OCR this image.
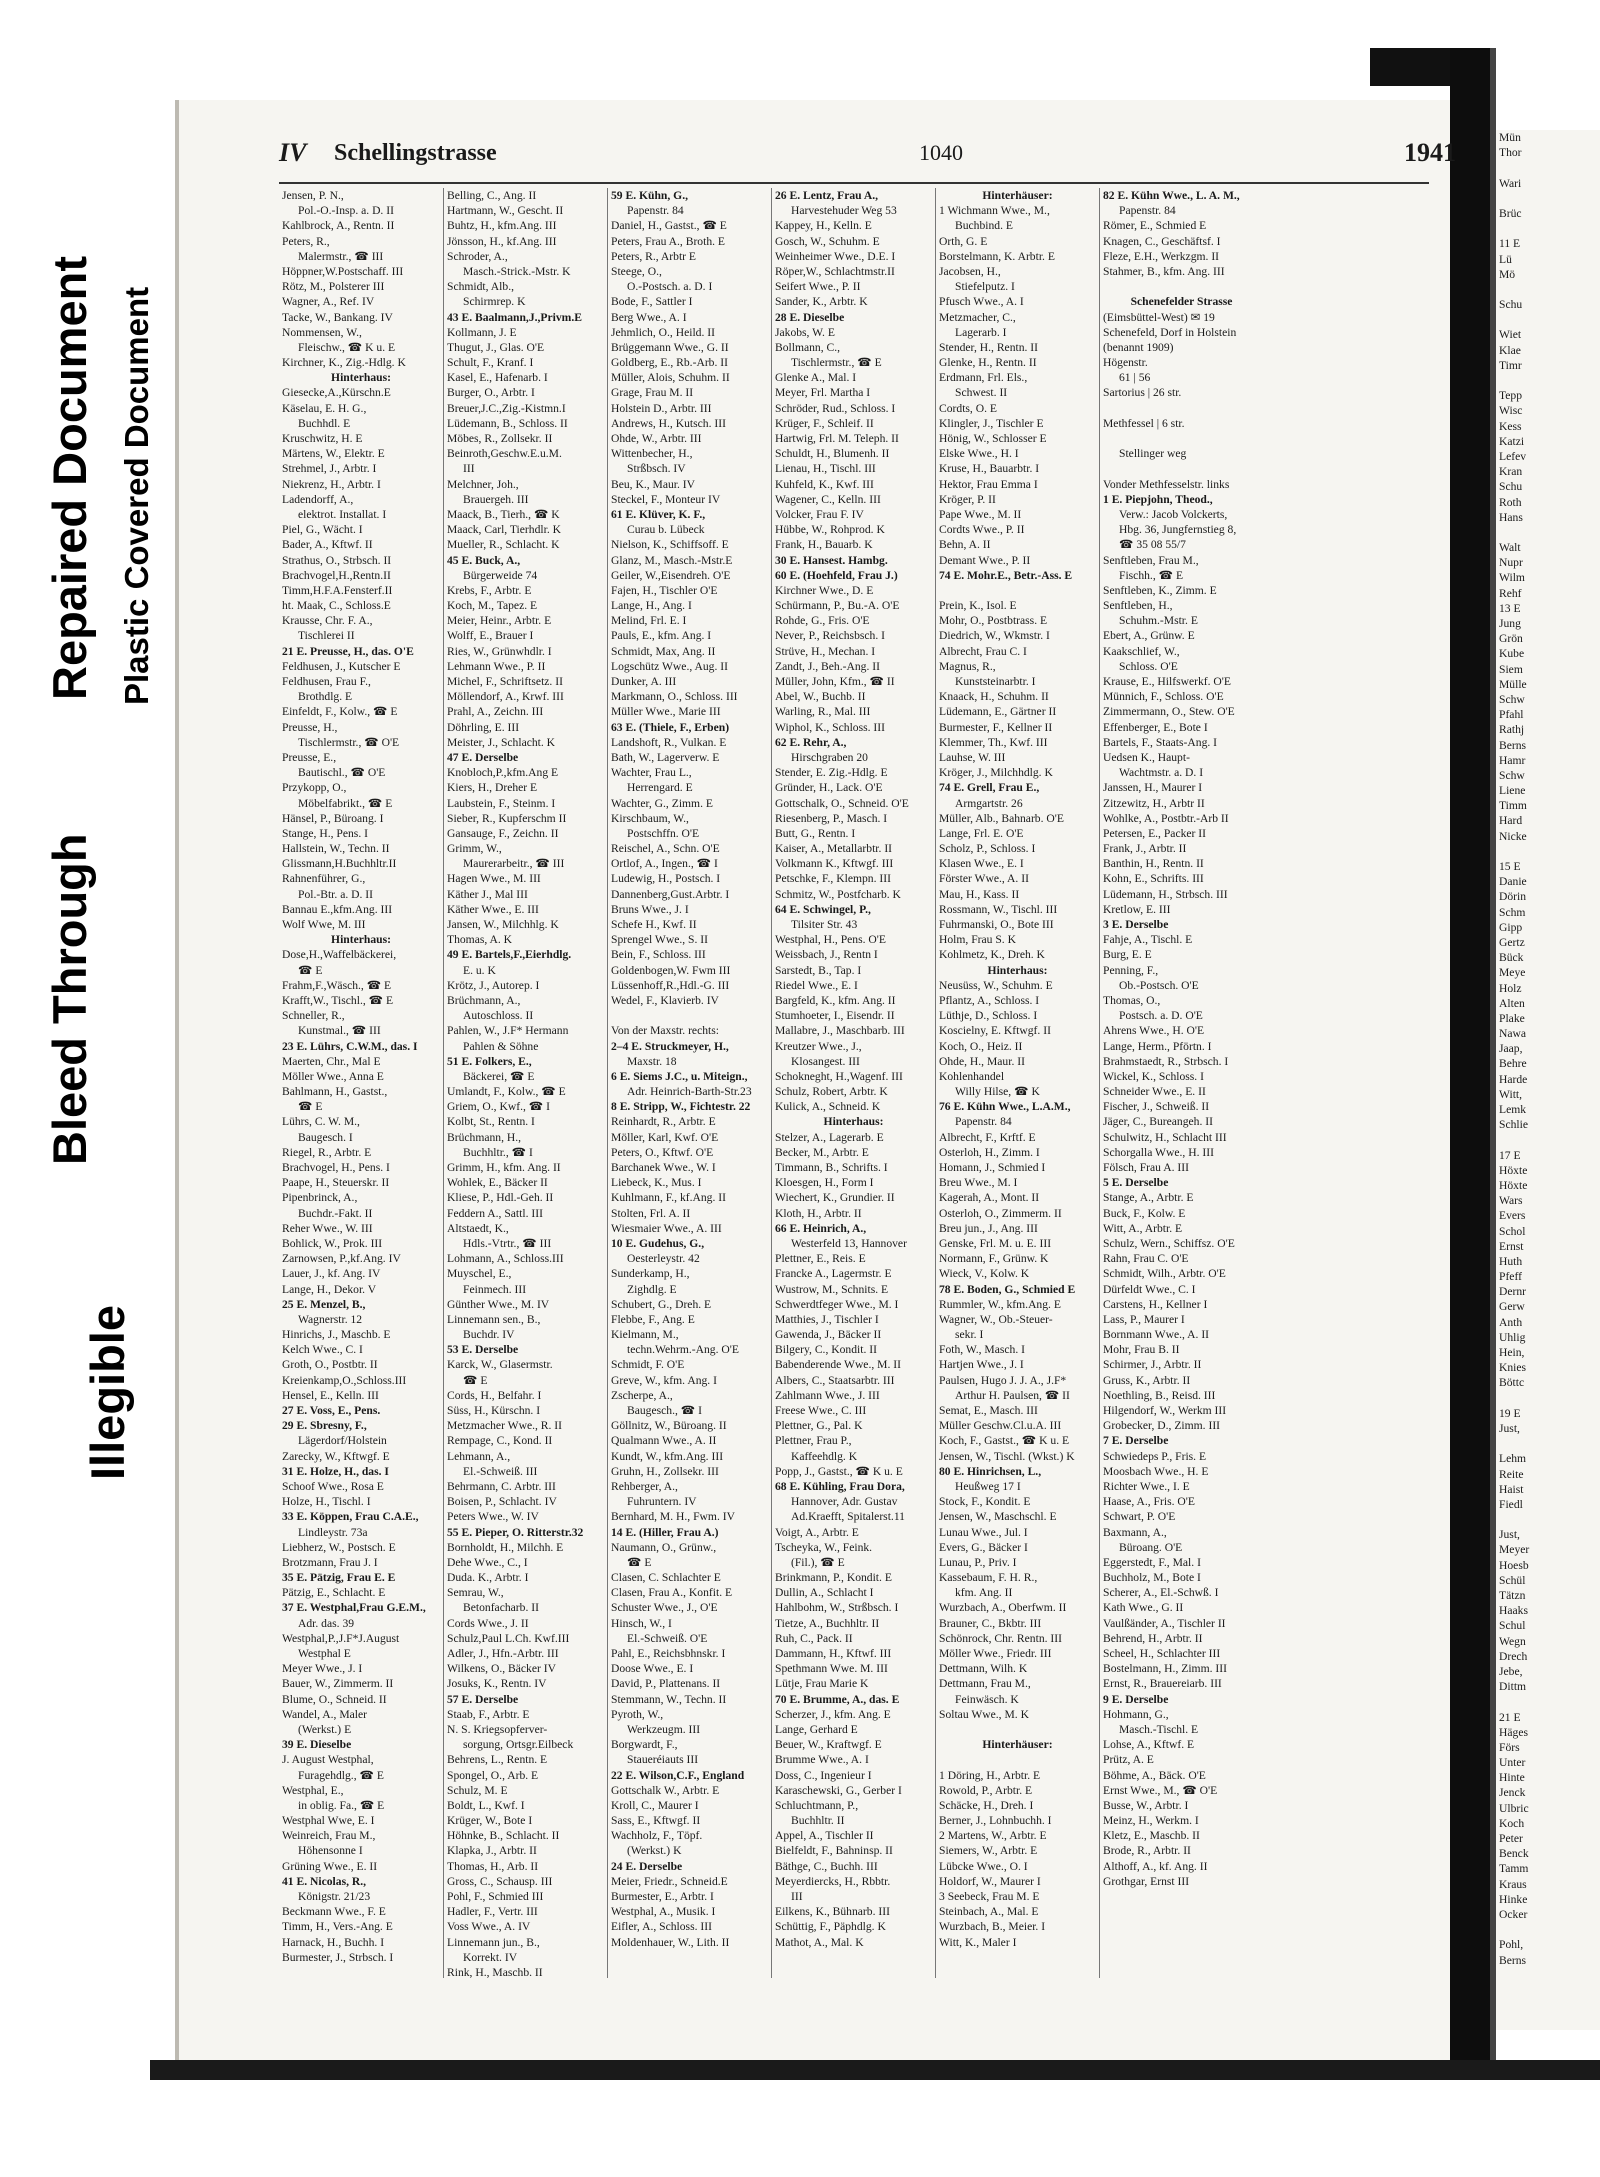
Repaired Document
Bleed Through
Plastic Covered Document
Illegible
IV Schellingstrasse	1040	1941
Jensen, P. N.,
Pol.-O.-Insp. a. D. II
Kahlbrock, A., Rentn. II
Peters, R.,
Malermstr., ☎ III
Höppner,W.Postschaff. III
Rötz, M., Polsterer III
Wagner, A., Ref. IV
Tacke, W., Bankang. IV
Nommensen, W.,
Fleischw., ☎ K u. E
Kirchner, K., Zig.-Hdlg. K
Hinterhaus:
Giesecke,A.,Kürschn.E
Käselau, E. H. G.,
Buchhdl. E
Kruschwitz, H. E
Märtens, W., Elektr. E
Strehmel, J., Arbtr. I
Niekrenz, H., Arbtr. I
Ladendorff, A.,
elektrot. Installat. I
Piel, G., Wächt. I
Bader, A., Kftwf. II
Strathus, O., Strbsch. II
Brachvogel,H.,Rentn.II
Timm,H.F.A.Fensterf.II
ht. Maak, C., Schloss.E
Krausse, Chr. F. A.,
Tischlerei II
21 E. Preusse, H., das. O'E
Feldhusen, J., Kutscher E
Feldhusen, Frau F.,
Brothdlg. E
Einfeldt, F., Kolw., ☎ E
Preusse, H.,
Tischlermstr., ☎ O'E
Preusse, E.,
Bautischl., ☎ O'E
Przykopp, O.,
Möbelfabrikt., ☎ E
Hänsel, P., Büroang. I
Stange, H., Pens. I
Hallstein, W., Techn. II
Glissmann,H.Buchhltr.II
Rahnenführer, G.,
Pol.-Btr. a. D. II
Bannau E.,kfm.Ang. III
Wolf Wwe, M. III
Hinterhaus:
Dose,H.,Waffelbäckerei,
☎ E
Frahm,F.,Wäsch., ☎ E
Krafft,W., Tischl., ☎ E
Schneller, R.,
Kunstmal., ☎ III
23 E. Lührs, C.W.M., das. I
Maerten, Chr., Mal E
Möller Wwe., Anna E
Bahlmann, H., Gastst.,
☎ E
Lührs, C. W. M.,
Baugesch. I
Riegel, R., Arbtr. E
Brachvogel, H., Pens. I
Paape, H., Steuerskr. II
Pipenbrinck, A.,
Buchdr.-Fakt. II
Reher Wwe., W. III
Bohlick, W., Prok. III
Zarnowsen, P.,kf.Ang. IV
Lauer, J., kf. Ang. IV
Lange, H., Dekor. V
25 E. Menzel, B.,
Wagnerstr. 12
Hinrichs, J., Maschb. E
Kelch Wwe., C. I
Groth, O., Postbtr. II
Kreienkamp,O.,Schloss.III
Hensel, E., Kelln. III
27 E. Voss, E., Pens.
29 E. Sbresny, F.,
Lägerdorf/Holstein
Zarecky, W., Kftwgf. E
31 E. Holze, H., das. I
Schoof Wwe., Rosa E
Holze, H., Tischl. I
33 E. Köppen, Frau C.A.E.,
Lindleystr. 73a
Liebherz, W., Postsch. E
Brotzmann, Frau J. I
35 E. Pätzig, Frau E. E
Pätzig, E., Schlacht. E
37 E. Westphal,Frau G.E.M.,
Adr. das. 39
Westphal,P.,J.F*J.August
Westphal E
Meyer Wwe., J. I
Bauer, W., Zimmerm. II
Blume, O., Schneid. II
Wandel, A., Maler
(Werkst.) E
39 E. Dieselbe
J. August Westphal,
Furagehdlg., ☎ E
Westphal, E.,
in oblig. Fa., ☎ E
Westphal Wwe, E. I
Weinreich, Frau M.,
Höhensonne I
Grüning Wwe., E. II
41 E. Nicolas, R.,
Königstr. 21/23
Beckmann Wwe., F. E
Timm, H., Vers.-Ang. E
Harnack, H., Buchh. I
Burmester, J., Strbsch. I
Belling, C., Ang. II
Hartmann, W., Gescht. II
Buhtz, H., kfm.Ang. III
Jönsson, H., kf.Ang. III
Schroder, A.,
Masch.-Strick.-Mstr. K
Schmidt, Alb.,
Schirmrep. K
43 E. Baalmann,J.,Privm.E
Kollmann, J. E
Thugut, J., Glas. O'E
Schult, F., Kranf. I
Kasel, E., Hafenarb. I
Burger, O., Arbtr. I
Breuer,J.C.,Zig.-Kistmn.I
Lüdemann, B., Schloss. II
Möbes, R., Zollsekr. II
Beinroth,Geschw.E.u.M.
III
Melchner, Joh.,
Brauergeh. III
Maack, B., Tierh., ☎ K
Maack, Carl, Tierhdlr. K
Mueller, R., Schlacht. K
45 E. Buck, A.,
Bürgerweide 74
Krebs, F., Arbtr. E
Koch, M., Tapez. E
Meier, Heinr., Arbtr. E
Wolff, E., Brauer I
Ries, W., Grünwhdlr. I
Lehmann Wwe., P. II
Michel, F., Schriftsetz. II
Möllendorf, A., Krwf. III
Prahl, A., Zeichn. III
Döhrling, E. III
Meister, J., Schlacht. K
47 E. Derselbe
Knobloch,P.,kfm.Ang E
Kiers, H., Dreher E
Laubstein, F., Steinm. I
Sieber, R., Kupferschm II
Gansauge, F., Zeichn. II
Grimm, W.,
Maurerarbeitr., ☎ III
Hagen Wwe., M. III
Käther J., Mal III
Käther Wwe., E. III
Jansen, W., Milchhlg. K
Thomas, A. K
49 E. Bartels,F.,Eierhdlg.
E. u. K
Krötz, J., Autorep. I
Brüchmann, A.,
Autoschloss. II
Pahlen, W., J.F* Hermann
Pahlen & Söhne
51 E. Folkers, E.,
Bäckerei, ☎ E
Umlandt, F., Kolw., ☎ E
Griem, O., Kwf., ☎ I
Kolbt, St., Rentn. I
Brüchmann, H.,
Buchhltr., ☎ I
Grimm, H., kfm. Ang. II
Wohlek, E., Bäcker II
Kliese, P., Hdl.-Geh. II
Feddern A., Sattl. III
Altstaedt, K.,
Hdls.-Vtrtr., ☎ III
Lohmann, A., Schloss.III
Muyschel, E.,
Feinmech. III
Günther Wwe., M. IV
Linnemann sen., B.,
Buchdr. IV
53 E. Derselbe
Karck, W., Glasermstr.
☎ E
Cords, H., Belfahr. I
Süss, H., Kürschn. I
Metzmacher Wwe., R. II
Rempage, C., Kond. II
Lehmann, A.,
El.-Schweiß. III
Behrmann, C. Arbtr. III
Boisen, P., Schlacht. IV
Peters Wwe., W. IV
55 E. Pieper, O. Ritterstr.32
Bornholdt, H., Milchh. E
Dehe Wwe., C., I
Duda. K., Arbtr. I
Semrau, W.,
Betonfacharb. II
Cords Wwe., J. II
Schulz,Paul L.Ch. Kwf.III
Adler, J., Hfn.-Arbtr. III
Wilkens, O., Bäcker IV
Josuks, K., Rentn. IV
57 E. Derselbe
Staab, F., Arbtr. E
N. S. Kriegsopferver-
sorgung, Ortsgr.Eilbeck
Behrens, L., Rentn. E
Spongel, O., Arb. E
Schulz, M. E
Boldt, L., Kwf. I
Krüger, W., Bote I
Höhnke, B., Schlacht. II
Klapka, J., Arbtr. II
Thomas, H., Arb. II
Gross, C., Schausp. III
Pohl, F., Schmied III
Hadler, F., Vertr. III
Voss Wwe., A. IV
Linnemann jun., B.,
Korrekt. IV
Rink, H., Maschb. II
59 E. Kühn, G.,
Papenstr. 84
Daniel, H., Gastst., ☎ E
Peters, Frau A., Broth. E
Peters, R., Arbtr E
Steege, O.,
O.-Postsch. a. D. I
Bode, F., Sattler I
Berg Wwe., A. I
Jehmlich, O., Heild. II
Brüggemann Wwe., G. II
Goldberg, E., Rb.-Arb. II
Müller, Alois, Schuhm. II
Grage, Frau M. II
Holstein D., Arbtr. III
Andrews, H., Kutsch. III
Ohde, W., Arbtr. III
Wittenbecher, H.,
Strßbsch. IV
Beu, K., Maur. IV
Steckel, F., Monteur IV
61 E. Klüver, K. F.,
Curau b. Lübeck
Nielson, K., Schiffsoff. E
Glanz, M., Masch.-Mstr.E
Geiler, W.,Eisendreh. O'E
Fajen, H., Tischler O'E
Lange, H., Ang. I
Melind, Frl. E. I
Pauls, E., kfm. Ang. I
Schmidt, Max, Ang. II
Logschütz Wwe., Aug. II
Dunker, A. III
Markmann, O., Schloss. III
Müller Wwe., Marie III
63 E. (Thiele, F., Erben)
Landshoft, R., Vulkan. E
Bath, W., Lagerverw. E
Wachter, Frau L.,
Herrengard. E
Wachter, G., Zimm. E
Kirschbaum, W.,
Postschffn. O'E
Reischel, A., Schn. O'E
Ortlof, A., Ingen., ☎ I
Ludewig, H., Postsch. I
Dannenberg,Gust.Arbtr. I
Bruns Wwe., J. I
Schefe H., Kwf. II
Sprengel Wwe., S. II
Bein, F., Schloss. III
Goldenbogen,W. Fwm III
Lüssenhoff,R.,Hdl.-G. III
Wedel, F., Klavierb. IV
Von der Maxstr. rechts:
2–4 E. Struckmeyer, H.,
Maxstr. 18
6 E. Siems J.C., u. Miteign.,
Adr. Heinrich-Barth-Str.23
8 E. Stripp, W., Fichtestr. 22
Reinhardt, R., Arbtr. E
Möller, Karl, Kwf. O'E
Peters, O., Kftwf. O'E
Barchanek Wwe., W. I
Liebeck, K., Mus. I
Kuhlmann, F., kf.Ang. II
Stolten, Frl. A. II
Wiesmaier Wwe., A. III
10 E. Gudehus, G.,
Oesterleystr. 42
Sunderkamp, H.,
Zighdlg. E
Schubert, G., Dreh. E
Flebbe, F., Ang. E
Kielmann, M.,
techn.Wehrm.-Ang. O'E
Schmidt, F. O'E
Greve, W., kfm. Ang. I
Zscherpe, A.,
Baugesch., ☎ I
Göllnitz, W., Büroang. II
Qualmann Wwe., A. II
Kundt, W., kfm.Ang. III
Gruhn, H., Zollsekr. III
Rehberger, A.,
Fuhruntern. IV
Bernhard, M. H., Fwm. IV
14 E. (Hiller, Frau A.)
Naumann, O., Grünw.,
☎ E
Clasen, C. Schlachter E
Clasen, Frau A., Konfit. E
Schuster Wwe., J., O'E
Hinsch, W., I
El.-Schweiß. O'E
Pahl, E., Reichsbhnskr. I
Doose Wwe., E. I
David, P., Plattenans. II
Stemmann, W., Techn. II
Pyroth, W.,
Werkzeugm. III
Borgwardt, F.,
Staueréiauts III
22 E. Wilson,C.F., England
Gottschalk W., Arbtr. E
Kroll, C., Maurer I
Sass, E., Kftwgf. II
Wachholz, F., Töpf.
(Werkst.) K
24 E. Derselbe
Meier, Friedr., Schneid.E
Burmester, E., Arbtr. I
Westphal, A., Musik. I
Eifler, A., Schloss. III
Moldenhauer, W., Lith. II
26 E. Lentz, Frau A.,
Harvestehuder Weg 53
Kappey, H., Kelln. E
Gosch, W., Schuhm. E
Weinheimer Wwe., D.E. I
Röper,W., Schlachtmstr.II
Seifert Wwe., P. II
Sander, K., Arbtr. K
28 E. Dieselbe
Jakobs, W. E
Bollmann, C.,
Tischlermstr., ☎ E
Glenke A., Mal. I
Meyer, Frl. Martha I
Schröder, Rud., Schloss. I
Krüger, F., Schleif. II
Hartwig, Frl. M. Teleph. II
Schuldt, H., Blumenh. II
Lienau, H., Tischl. III
Kuhfeld, K., Kwf. III
Wagener, C., Kelln. III
Volcker, Frau F. IV
Hübbe, W., Rohprod. K
Frank, H., Bauarb. K
30 E. Hansest. Hambg.
60 E. (Hoehfeld, Frau J.)
Kirchner Wwe., D. E
Schürmann, P., Bu.-A. O'E
Rohde, G., Fris. O'E
Never, P., Reichsbsch. I
Strüve, H., Mechan. I
Zandt, J., Beh.-Ang. II
Müller, John, Kfm., ☎ II
Abel, W., Buchb. II
Warling, R., Mal. III
Wiphol, K., Schloss. III
62 E. Rehr, A.,
Hirschgraben 20
Stender, E. Zig.-Hdlg. E
Gründer, H., Lack. O'E
Gottschalk, O., Schneid. O'E
Riesenberg, P., Masch. I
Butt, G., Rentn. I
Kaiser, A., Metallarbtr. II
Volkmann K., Kftwgf. III
Petschke, F., Klempn. III
Schmitz, W., Postfcharb. K
64 E. Schwingel, P.,
Tilsiter Str. 43
Westphal, H., Pens. O'E
Weissbach, J., Rentn I
Sarstedt, B., Tap. I
Riedel Wwe., E. I
Bargfeld, K., kfm. Ang. II
Stumhoeter, I., Eisendr. II
Mallabre, J., Maschbarb. III
Kreutzer Wwe., J.,
Klosangest. III
Schokneght, H.,Wagenf. III
Schulz, Robert, Arbtr. K
Kulick, A., Schneid. K
Hinterhaus:
Stelzer, A., Lagerarb. E
Becker, M., Arbtr. E
Timmann, B., Schrifts. I
Kloesgen, H., Form I
Wiechert, K., Grundier. II
Kloth, H., Arbtr. II
66 E. Heinrich, A.,
Westerfeld 13, Hannover
Plettner, E., Reis. E
Francke A., Lagermstr. E
Wustrow, M., Schnits. E
Schwerdtfeger Wwe., M. I
Matthies, J., Tischler I
Gawenda, J., Bäcker II
Bilgery, C., Kondit. II
Babenderende Wwe., M. II
Albers, C., Staatsarbtr. III
Zahlmann Wwe., J. III
Freese Wwe., C. III
Plettner, G., Pal. K
Plettner, Frau P.,
Kaffeehdlg. K
Popp, J., Gastst., ☎ K u. E
68 E. Kühling, Frau Dora,
Hannover, Adr. Gustav
Ad.Kraefft, Spitalerst.11
Voigt, A., Arbtr. E
Tscheyka, W., Feink.
(Fil.), ☎ E
Brinkmann, P., Kondit. E
Dullin, A., Schlacht I
Hahlbohm, W., Strßbsch. I
Tietze, A., Buchhltr. II
Ruh, C., Pack. II
Dammann, H., Kftwf. III
Spethmann Wwe. M. III
Lütje, Frau Marie K
70 E. Brumme, A., das. E
Scherzer, J., kfm. Ang. E
Lange, Gerhard E
Beuer, W., Kraftwgf. E
Brumme Wwe., A. I
Doss, C., Ingenieur I
Karaschewski, G., Gerber I
Schluchtmann, P.,
Buchhltr. II
Appel, A., Tischler II
Bielfeldt, F., Bahninsp. II
Bäthge, C., Buchh. III
Meyerdiercks, H., Rbbtr.
III
Eilkens, K., Bühnarb. III
Schüttig, F., Päphdlg. K
Mathot, A., Mal. K
Hinterhäuser:
1 Wichmann Wwe., M.,
Buchbind. E
Orth, G. E
Borstelmann, K. Arbtr. E
Jacobsen, H.,
Stiefelputz. I
Pfusch Wwe., A. I
Metzmacher, C.,
Lagerarb. I
Stender, H., Rentn. II
Glenke, H., Rentn. II
Erdmann, Frl. Els.,
Schwest. II
Cordts, O. E
Klingler, J., Tischler E
Hönig, W., Schlosser E
Elske Wwe., H. I
Kruse, H., Bauarbtr. I
Hektor, Frau Emma I
Kröger, P. II
Pape Wwe., M. II
Cordts Wwe., P. II
Behn, A. II
Demant Wwe., P. II
74 E. Mohr.E., Betr.-Ass. E
Prein, K., Isol. E
Mohr, O., Postbtrass. E
Diedrich, W., Wkmstr. I
Albrecht, Frau C. I
Magnus, R.,
Kunststeinarbtr. I
Knaack, H., Schuhm. II
Lüdemann, E., Gärtner II
Burmester, F., Kellner II
Klemmer, Th., Kwf. III
Lauhse, W. III
Kröger, J., Milchhdlg. K
74 E. Grell, Frau E.,
Armgartstr. 26
Müller, Alb., Bahnarb. O'E
Lange, Frl. E. O'E
Scholz, P., Schloss. I
Klasen Wwe., E. I
Förster Wwe., A. II
Mau, H., Kass. II
Rossmann, W., Tischl. III
Fuhrmanski, O., Bote III
Holm, Frau S. K
Kohlmetz, K., Dreh. K
Hinterhaus:
Neusüss, W., Schuhm. E
Pflantz, A., Schloss. I
Lüthje, D., Schloss. I
Koscielny, E. Kftwgf. II
Koch, O., Heiz. II
Ohde, H., Maur. II
Kohlenhandel
Willy Hilse, ☎ K
76 E. Kühn Wwe., L.A.M.,
Papenstr. 84
Albrecht, F., Krftf. E
Osterloh, H., Zimm. I
Homann, J., Schmied I
Breu Wwe., M. I
Kagerah, A., Mont. II
Osterloh, O., Zimmerm. II
Breu jun., J., Ang. III
Genske, Frl. M. u. E. III
Normann, F., Grünw. K
Wieck, V., Kolw. K
78 E. Boden, G., Schmied E
Rummler, W., kfm.Ang. E
Wagner, W., Ob.-Steuer-
sekr. I
Foth, W., Masch. I
Hartjen Wwe., J. I
Paulsen, Hugo J. J. A., J.F*
Arthur H. Paulsen, ☎ II
Semat, E., Masch. III
Müller Geschw.Cl.u.A. III
Koch, F., Gastst., ☎ K u. E
Jensen, W., Tischl. (Wkst.) K
80 E. Hinrichsen, L.,
Heußweg 17 I
Stock, F., Kondit. E
Jensen, W., Maschschl. E
Lunau Wwe., Jul. I
Evers, G., Bäcker I
Lunau, P., Priv. I
Kassebaum, F. H. R.,
kfm. Ang. II
Wurzbach, A., Oberfwm. II
Brauner, C., Bkbtr. III
Schönrock, Chr. Rentn. III
Möller Wwe., Friedr. III
Dettmann, Wilh. K
Dettmann, Frau M.,
Feinwäsch. K
Soltau Wwe., M. K
Hinterhäuser:
1 Döring, H., Arbtr. E
Rowold, P., Arbtr. E
Schäcke, H., Dreh. I
Berner, J., Lohnbuchh. I
2 Martens, W., Arbtr. E
Siemers, W., Arbtr. E
Lübcke Wwe., O. I
Holdorf, W., Maurer I
3 Seebeck, Frau M. E
Steinbach, A., Mal. E
Wurzbach, B., Meier. I
Witt, K., Maler I
82 E. Kühn Wwe., L. A. M.,
Papenstr. 84
Römer, E., Schmied E
Knagen, C., Geschäftsf. I
Fleze, E.H., Werkzgm. II
Stahmer, B., kfm. Ang. III
Schenefelder Strasse
(Eimsbüttel-West) ✉ 19
Schenefeld, Dorf in Holstein
(benannt 1909)
Högenstr.
61 | 56
Sartorius | 26 str.
Methfessel | 6 str.
Stellinger weg
Vonder Methfesselstr. links
1 E. Piepjohn, Theod.,
Verw.: Jacob Volckerts,
Hbg. 36, Jungfernstieg 8,
☎ 35 08 55/7
Senftleben, Frau M.,
Fischh., ☎ E
Senftleben, K., Zimm. E
Senftleben, H.,
Schuhm.-Mstr. E
Ebert, A., Grünw. E
Kaakschlief, W.,
Schloss. O'E
Krause, E., Hilfswerkf. O'E
Münnich, F., Schloss. O'E
Zimmermann, O., Stew. O'E
Effenberger, E., Bote I
Bartels, F., Staats-Ang. I
Uedsen K., Haupt-
Wachtmstr. a. D. I
Janssen, H., Maurer I
Zitzewitz, H., Arbtr II
Wohlke, A., Postbtr.-Arb II
Petersen, E., Packer II
Frank, J., Arbtr. II
Banthin, H., Rentn. II
Kohn, E., Schrifts. III
Lüdemann, H., Strbsch. III
Kretlow, E. III
3 E. Derselbe
Fahje, A., Tischl. E
Burg, E. E
Penning, F.,
Ob.-Postsch. O'E
Thomas, O.,
Postsch. a. D. O'E
Ahrens Wwe., H. O'E
Lange, Herm., Pförtn. I
Brahmstaedt, R., Strbsch. I
Wickel, K., Schloss. I
Schneider Wwe., E. II
Fischer, J., Schweiß. II
Jäger, C., Bureangeh. II
Schulwitz, H., Schlacht III
Schorgalla Wwe., H. III
Fölsch, Frau A. III
5 E. Derselbe
Stange, A., Arbtr. E
Buck, F., Kolw. E
Witt, A., Arbtr. E
Schulz, Wern., Schiffsz. O'E
Rahn, Frau C. O'E
Schmidt, Wilh., Arbtr. O'E
Dürfeldt Wwe., C. I
Carstens, H., Kellner I
Lass, P., Maurer I
Bornmann Wwe., A. II
Mohr, Frau B. II
Schirmer, J., Arbtr. II
Gruss, K., Arbtr. II
Noethling, B., Reisd. III
Hilgendorf, W., Werkm III
Grobecker, D., Zimm. III
7 E. Derselbe
Schwiedeps P., Fris. E
Moosbach Wwe., H. E
Richter Wwe., I. E
Haase, A., Fris. O'E
Schwart, P. O'E
Baxmann, A.,
Büroang. O'E
Eggerstedt, F., Mal. I
Buchholz, M., Bote I
Scherer, A., El.-Schwß. I
Kath Wwe., G. II
Vaulßänder, A., Tischler II
Behrend, H., Arbtr. II
Scheel, H., Schlachter III
Bostelmann, H., Zimm. III
Ernst, R., Brauereiarb. III
9 E. Derselbe
Hohmann, G.,
Masch.-Tischl. E
Lohse, A., Kftwf. E
Prütz, A. E
Böhme, A., Bäck. O'E
Ernst Wwe., M., ☎ O'E
Busse, W., Arbtr. I
Meinz, H., Werkm. I
Kletz, E., Maschb. II
Brode, R., Arbtr. II
Althoff, A., kf. Ang. II
Grothgar, Ernst III
Mün
Thor
Wari
Brüc
11 E
Lü
Mö
Schu
Wiet
Klae
Timr
Tepp
Wisc
Kess
Katzi
Lefev
Kran
Schu
Roth
Hans
Walt
Nupr
Wilm
Rehf
13 E
Jung
Grön
Kube
Siem
Mülle
Schw
Pfahl
Rathj
Berns
Hamr
Schw
Liene
Timm
Hard
Nicke
15 E
Danie
Dörin
Schm
Gipp
Gertz
Bück
Meye
Holz
Alten
Plake
Nawa
Jaap,
Behre
Harde
Witt,
Lemk
Schlie
17 E
Höxte
Höxte
Wars
Evers
Schol
Ernst
Huth
Pfeff
Dernr
Gerw
Anth
Uhlig
Hein,
Knies
Böttc
19 E
Just,
Lehm
Reite
Haist
Fiedl
Just,
Meyer
Hoesb
Schül
Tätzn
Haaks
Schul
Wegn
Drech
Jebe,
Dittm
21 E
Häges
Förs
Unter
Hinte
Jenck
Ulbric
Koch
Peter
Benck
Tamm
Kraus
Hinke
Ocker
Pohl,
Berns
